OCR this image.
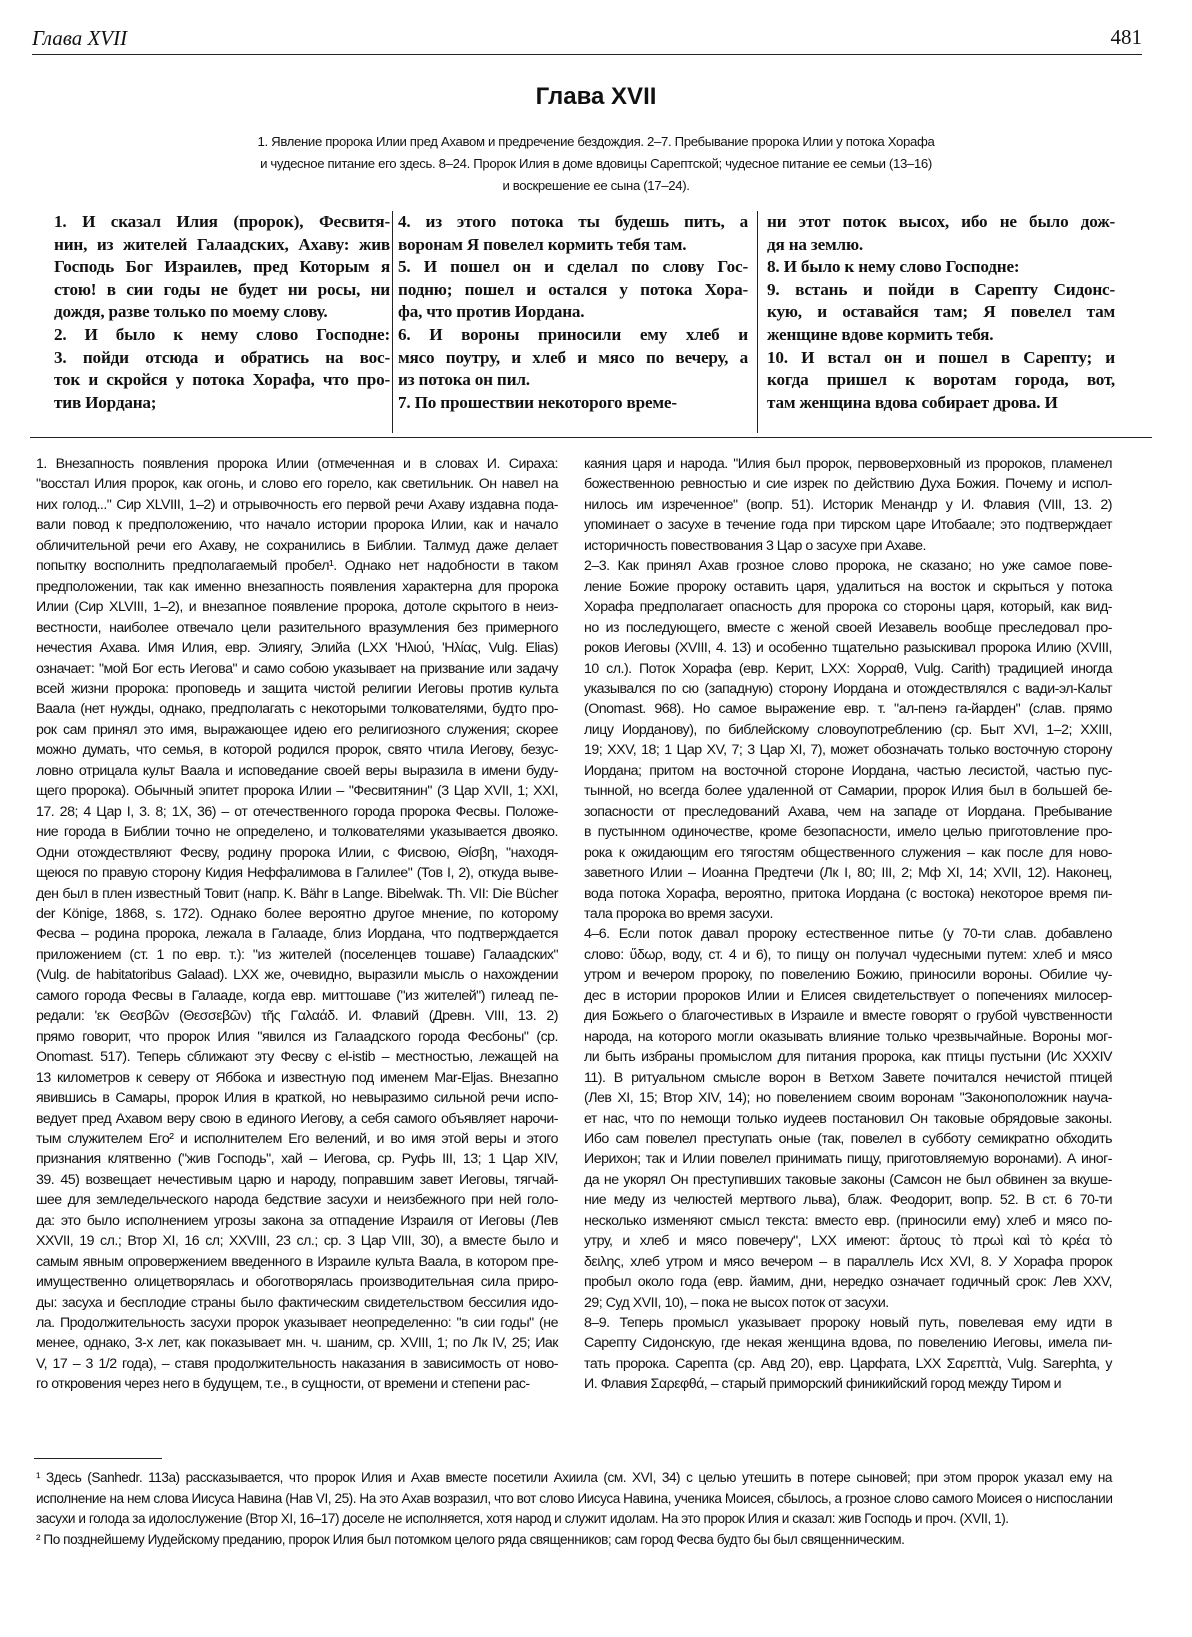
Глава XVII	481
Глава XVII
1. Явление пророка Илии пред Ахавом и предречение бездождия. 2–7. Пребывание пророка Илии у потока Хорафа
и чудесное питание его здесь. 8–24. Пророк Илия в доме вдовицы Сарептской; чудесное питание ее семьи (13–16)
и воскрешение ее сына (17–24).
1. И сказал Илия (пророк), Фесвитя-
нин, из жителей Галаадских, Ахаву: жив
Господь Бог Израилев, пред Которым я
стою! в сии годы не будет ни росы, ни
дождя, разве только по моему слову.
2. И было к нему слово Господне:
3. пойди отсюда и обратись на вос-
ток и скройся у потока Хорафа, что про-
тив Иордана;
4. из этого потока ты будешь пить, а
воронам Я повелел кормить тебя там.
5. И пошел он и сделал по слову Гос-
подню; пошел и остался у потока Хора-
фа, что против Иордана.
6. И вороны приносили ему хлеб и
мясо поутру, и хлеб и мясо по вечеру, а
из потока он пил.
7. По прошествии некоторого време-
ни этот поток высох, ибо не было дож-
дя на землю.
8. И было к нему слово Господне:
9. встань и пойди в Сарепту Сидонс-
кую, и оставайся там; Я повелел там
женщине вдове кормить тебя.
10. И встал он и пошел в Сарепту; и
когда пришел к воротам города, вот,
там женщина вдова собирает дрова. И
1. Внезапность появления пророка Илии (отмеченная и в словах И. Сираха:
"восстал Илия пророк, как огонь, и слово его горело, как светильник. Он навел на
них голод..." Сир XLVIII, 1–2) и отрывочность его первой речи Ахаву издавна пода-
вали повод к предположению, что начало истории пророка Илии, как и начало
обличительной речи его Ахаву, не сохранились в Библии. Талмуд даже делает
попытку восполнить предполагаемый пробел¹. Однако нет надобности в таком
предположении, так как именно внезапность появления характерна для пророка
Илии (Сир XLVIII, 1–2), и внезапное появление пророка, дотоле скрытого в неиз-
вестности, наиболее отвечало цели разительного вразумления без примерного
нечестия Ахава. Имя Илия, евр. Элиягу, Элийа (LXX 'Ηλιού, 'Ηλίας, Vulg. Elias)
означает: "мой Бог есть Иегова" и само собою указывает на призвание или задачу
всей жизни пророка: проповедь и защита чистой религии Иеговы против культа
Ваала (нет нужды, однако, предполагать с некоторыми толкователями, будто про-
рок сам принял это имя, выражающее идею его религиозного служения; скорее
можно думать, что семья, в которой родился пророк, свято чтила Иегову, безус-
ловно отрицала культ Ваала и исповедание своей веры выразила в имени буду-
щего пророка). Обычный эпитет пророка Илии – "Фесвитянин" (3 Цар XVII, 1; XXI,
17. 28; 4 Цар I, 3. 8; 1X, 36) – от отечественного города пророка Фесвы. Положе-
ние города в Библии точно не определено, и толкователями указывается двояко.
Одни отождествляют Фесву, родину пророка Илии, с Фисвою, Θίσβη, "находя-
щеюся по правую сторону Кидия Неффалимова в Галилее" (Тов I, 2), откуда выве-
ден был в плен известный Товит (напр. K. Bähr в Lange. Bibelwak. Th. VII: Die Bücher
der Könige, 1868, s. 172). Однако более вероятно другое мнение, по которому
Фесва – родина пророка, лежала в Галааде, близ Иордана, что подтверждается
приложением (ст. 1 по евр. т.): "из жителей (поселенцев тошаве) Галаадских"
(Vulg. de habitatoribus Galaad). LXX же, очевидно, выразили мысль о нахождении
самого города Фесвы в Галааде, когда евр. миттошаве ("из жителей") гилеад пе-
редали: 'εκ Θεσβῶν (Θεσσεβῶν) τῆς Γαλαάδ. И. Флавий (Древн. VIII, 13. 2)
прямо говорит, что пророк Илия "явился из Галаадского города Фесбоны" (ср.
Onomast. 517). Теперь сближают эту Фесву с el-istib – местностью, лежащей на
13 километров к северу от Яббока и известную под именем Mar-Eljas. Внезапно
явившись в Самары, пророк Илия в краткой, но невыразимо сильной речи испо-
ведует пред Ахавом веру свою в единого Иегову, а себя самого объявляет нарочи-
тым служителем Его² и исполнителем Его велений, и во имя этой веры и этого
признания клятвенно ("жив Господь", хай – Иегова, ср. Руфь III, 13; 1 Цар XIV,
39. 45) возвещает нечестивым царю и народу, поправшим завет Иеговы, тягчай-
шее для земледельческого народа бедствие засухи и неизбежного при ней голо-
да: это было исполнением угрозы закона за отпадение Израиля от Иеговы (Лев
XXVII, 19 сл.; Втор XI, 16 сл; XXVIII, 23 сл.; ср. 3 Цар VIII, 30), а вместе было и
самым явным опровержением введенного в Израиле культа Ваала, в котором пре-
имущественно олицетворялась и обоготворялась производительная сила приро-
ды: засуха и бесплодие страны было фактическим свидетельством бессилия идо-
ла. Продолжительность засухи пророк указывает неопределенно: "в сии годы" (не
менее, однако, 3-х лет, как показывает мн. ч. шаним, ср. XVIII, 1; по Лк IV, 25; Иак
V, 17 – 3 1/2 года), – ставя продолжительность наказания в зависимость от ново-
го откровения через него в будущем, т.е., в сущности, от времени и степени рас-
каяния царя и народа. "Илия был пророк, первоверховный из пророков, пламенел
божественною ревностью и сие изрек по действию Духа Божия. Почему и испол-
нилось им изреченное" (вопр. 51). Историк Менандр у И. Флавия (VIII, 13. 2)
упоминает о засухе в течение года при тирском царе Итобаале; это подтверждает
историчность повествования 3 Цар о засухе при Ахаве.
2–3. Как принял Ахав грозное слово пророка, не сказано; но уже самое пове-
ление Божие пророку оставить царя, удалиться на восток и скрыться у потока
Хорафа предполагает опасность для пророка со стороны царя, который, как вид-
но из последующего, вместе с женой своей Иезавель вообще преследовал про-
роков Иеговы (XVIII, 4. 13) и особенно тщательно разыскивал пророка Илию (XVIII,
10 сл.). Поток Хорафа (евр. Керит, LXX: Χορραθ, Vulg. Carith) традицией иногда
указывался по сю (западную) сторону Иордана и отождествлялся с вади-эл-Кальт
(Onomast. 968). Но самое выражение евр. т. "ал-пенэ га-йарден" (слав. прямо
лицу Иорданову), по библейскому словоупотреблению (ср. Быт XVI, 1–2; XXIII,
19; XXV, 18; 1 Цар XV, 7; 3 Цар XI, 7), может обозначать только восточную сторону
Иордана; притом на восточной стороне Иордана, частью лесистой, частью пус-
тынной, но всегда более удаленной от Самарии, пророк Илия был в большей бе-
зопасности от преследований Ахава, чем на западе от Иордана. Пребывание
в пустынном одиночестве, кроме безопасности, имело целью приготовление про-
рока к ожидающим его тягостям общественного служения – как после для ново-
заветного Илии – Иоанна Предтечи (Лк I, 80; III, 2; Мф XI, 14; XVII, 12). Наконец,
вода потока Хорафа, вероятно, притока Иордана (с востока) некоторое время пи-
тала пророка во время засухи.
4–6. Если поток давал пророку естественное питье (у 70-ти слав. добавлено
слово: ὕδωρ, воду, ст. 4 и 6), то пищу он получал чудесными путем: хлеб и мясо
утром и вечером пророку, по повелению Божию, приносили вороны. Обилие чу-
дес в истории пророков Илии и Елисея свидетельствует о попечениях милосер-
дия Божьего о благочестивых в Израиле и вместе говорят о грубой чувственности
народа, на которого могли оказывать влияние только чрезвычайные. Вороны мог-
ли быть избраны промыслом для питания пророка, как птицы пустыни (Ис XXXIV
11). В ритуальном смысле ворон в Ветхом Завете почитался нечистой птицей
(Лев XI, 15; Втор XIV, 14); но повелением своим воронам "Законоположник науча-
ет нас, что по немощи только иудеев постановил Он таковые обрядовые законы.
Ибо сам повелел преступать оные (так, повелел в субботу семикратно обходить
Иерихон; так и Илии повелел принимать пищу, приготовляемую воронами). А иног-
да не укорял Он преступивших таковые законы (Самсон не был обвинен за вкуше-
ние меду из челюстей мертвого льва), блаж. Феодорит, вопр. 52. В ст. 6 70-ти
несколько изменяют смысл текста: вместо евр. (приносили ему) хлеб и мясо по-
утру, и хлеб и мясо повечеру", LXX имеют: ἄρτους τὸ πρωὶ καὶ τὸ κρέα τὸ
δειλης, хлеб утром и мясо вечером – в параллель Исх XVI, 8. У Хорафа пророк
пробыл около года (евр. йамим, дни, нередко означает годичный срок: Лев XXV,
29; Суд XVII, 10), – пока не высох поток от засухи.
8–9. Теперь промысл указывает пророку новый путь, повелевая ему идти в
Сарепту Сидонскую, где некая женщина вдова, по повелению Иеговы, имела пи-
тать пророка. Сарепта (ср. Авд 20), евр. Царфата, LXX Σαρεπτὰ, Vulg. Sarephta, у
И. Флавия Σαρεφθά, – старый приморский финикийский город между Тиром и
¹ Здесь (Sanhedr. 113a) рассказывается, что пророк Илия и Ахав вместе посетили Ахиила (см. XVI, 34) с целью утешить в потере сыновей; при этом пророк указал ему на
исполнение на нем слова Иисуса Навина (Нав VI, 25). На это Ахав возразил, что вот слово Иисуса Навина, ученика Моисея, сбылось, а грозное слово самого Моисея о ниспослании
засухи и голода за идолослужение (Втор XI, 16–17) доселе не исполняется, хотя народ и служит идолам. На это пророк Илия и сказал: жив Господь и проч. (XVII, 1).
² По позднейшему Иудейскому преданию, пророк Илия был потомком целого ряда священников; сам город Фесва будто бы был священническим.
